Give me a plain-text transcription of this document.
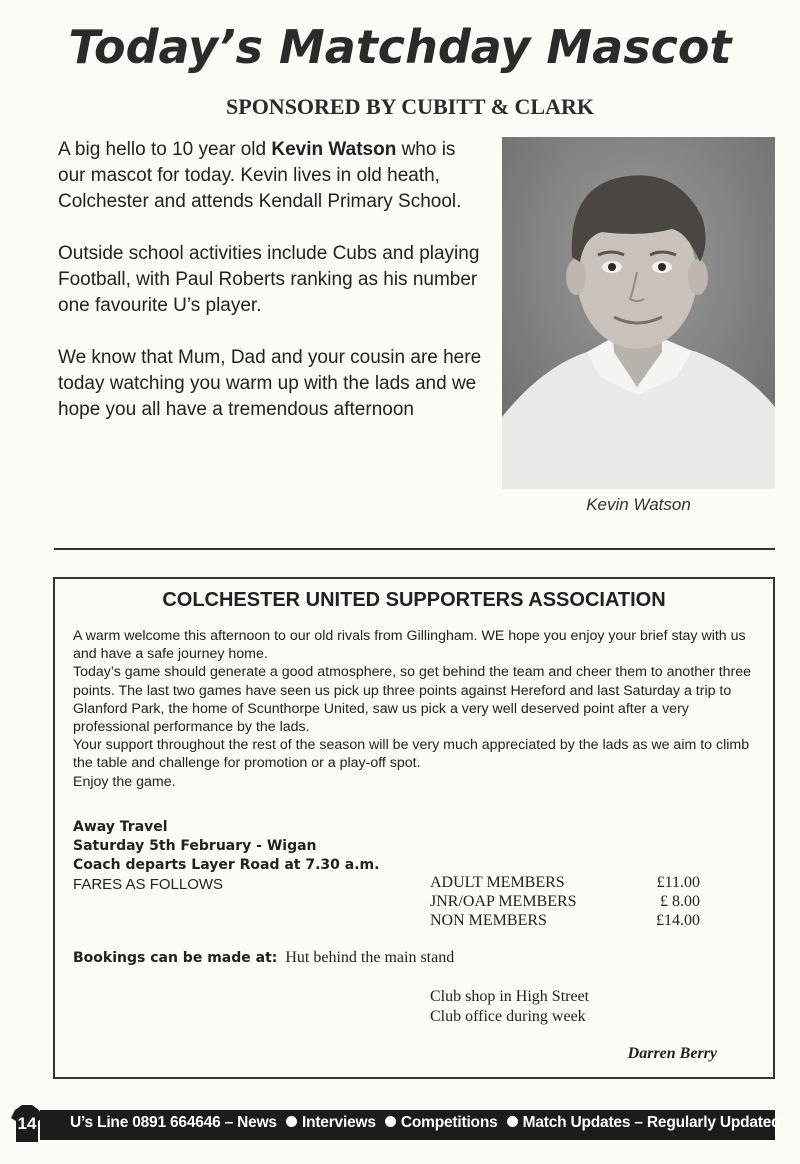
Today’s Matchday Mascot
SPONSORED BY CUBITT & CLARK

A big hello to 10 year old Kevin Watson who is our mascot for today. Kevin lives in old heath, Colchester and attends Kendall Primary School.

Outside school activities include Cubs and playing Football, with Paul Roberts ranking as his number one favourite U’s player.

We know that Mum, Dad and your cousin are here today watching you warm up with the lads and we hope you all have a tremendous afternoon

Kevin Watson
COLCHESTER UNITED SUPPORTERS ASSOCIATION

A warm welcome this afternoon to our old rivals from Gillingham. WE hope you enjoy your brief stay with us and have a safe journey home.

Today’s game should generate a good atmosphere, so get behind the team and cheer them to another three points. The last two games have seen us pick up three points against Hereford and last Saturday a trip to Glanford Park, the home of Scunthorpe United, saw us pick a very well deserved point after a very professional performance by the lads.

Your support throughout the rest of the season will be very much appreciated by the lads as we aim to climb the table and challenge for promotion or a play-off spot.

Enjoy the game.

Away Travel
Saturday 5th February - Wigan
Coach departs Layer Road at 7.30 a.m.
FARES AS FOLLOWS	ADULT MEMBERS	£11.00
JNR/OAP MEMBERS	£ 8.00
NON MEMBERS	£14.00
Bookings can be made at: Hut behind the main stand
Club shop in High Street
Club office during week
Darren Berry
14	U’s Line 0891 664646 – News Interviews Competitions Match Updates – Regularly Updated
